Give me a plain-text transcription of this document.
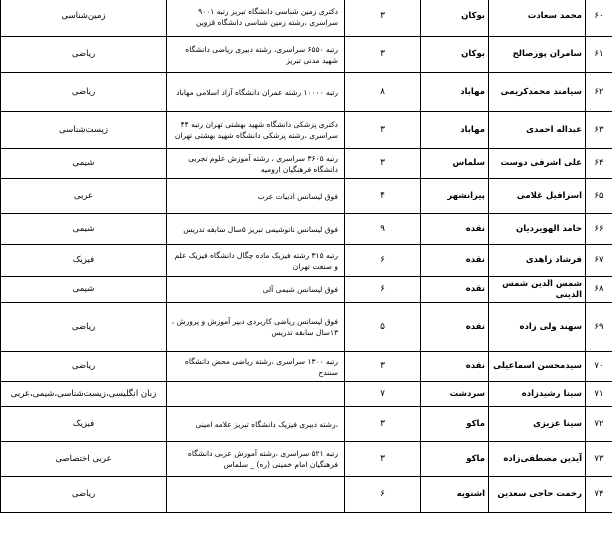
۶۰	محمد سعادت	بوکان	۳	دکتری زمین شناسی دانشگاه تبریز رتبه ۹۰۰۱ سراسری ،رشته زمین شناسی دانشگاه قزوین	زمین‌شناسی
۶۱	سامران پورصالح	بوکان	۳	رتبه ۶۵۵۰ سراسری، رشته دبیری ریاضی دانشگاه شهید مدنی تبریز	ریاضی
۶۲	سیامند محمدکریمی	مهاباد	۸	رتبه ۱۰۰۰۰ رشته عمران دانشگاه آزاد اسلامی مهاباد	ریاضی
۶۳	عبداله احمدی	مهاباد	۳	دکتری پزشکی دانشگاه شهید بهشتی تهران رتبه ۴۴ سراسری ،رشته پزشکی دانشگاه شهید بهشتی تهران	زیست‌شناسی
۶۴	علی اشرفی دوست	سلماس	۳	رتبه ۳۶۰۵ سراسری ، رشته آموزش علوم تجربی دانشگاه فرهنگیان ارومیه	شیمی
۶۵	اسرافیل غلامی	پیرانشهر	۴	فوق لیسانس ادبیات عرب	عربی
۶۶	حامد الهویردیان	نقده	۹	فوق لیسانس نانوشیمی تبریز ۵سال سابقه تدریس	شیمی
۶۷	فرشاد زاهدی	نقده	۶	رتبه ۳۱۵ رشته فیزیک ماده چگال دانشگاه فیزیک علم و صنعت تهران	فیزیک
۶۸	شمس الدین شمس الدینی	نقده	۶	فوق لیسانس شیمی آلی	شیمی
۶۹	سهند ولی زاده	نقده	۵	فوق لیسانس ریاضی کاربردی دبیر آموزش و پرورش ، ۱۳سال سابقه تدریس	ریاضی
۷۰	سیدمحسن اسماعیلی	نقده	۳	رتبه ۱۳۰۰ سراسری ،رشته ریاضی محض دانشگاه سنندج	ریاضی
۷۱	سینا رشیدزاده	سردشت	۷		زبان انگلیسی،زیست‌شناسی،شیمی،عربی
۷۲	سینا عزیزی	ماکو	۳	،رشته دبیری فیزیک دانشگاه تبریز علامه امینی	فیزیک
۷۳	آیدین مصطفی‌زاده	ماکو	۳	رتبه ۵۲۱ سراسری ،رشته آموزش عربی دانشگاه فرهنگیان امام خمینی (ره) _ سلماس	عربی اختصاصی
۷۴	رحمت حاجی سعدین	اشنویه	۶		ریاضی
